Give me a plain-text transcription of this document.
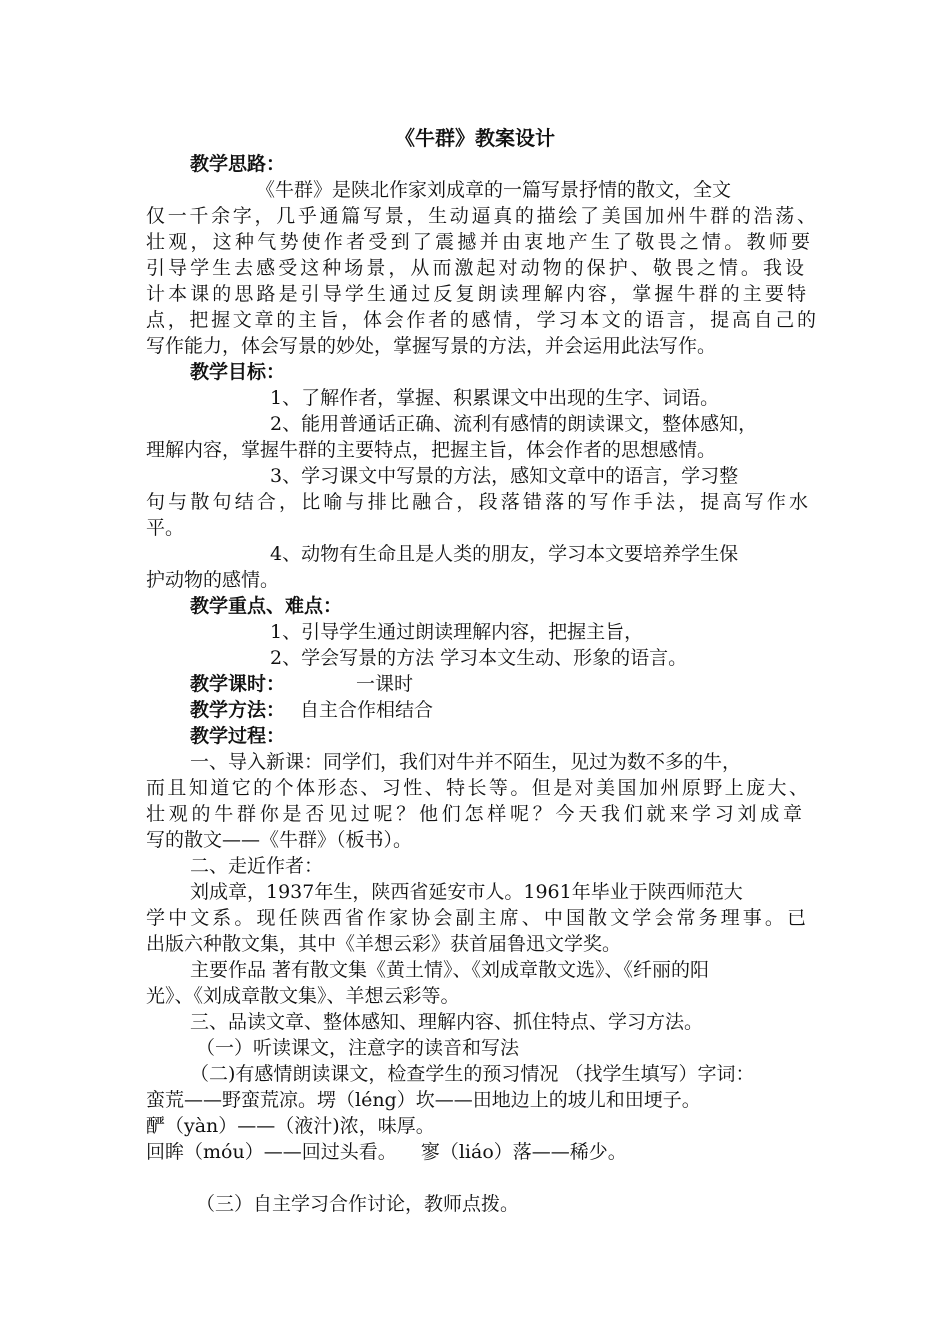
《牛群》教案设计
教学思路：
《牛群》是陕北作家刘成章的一篇写景抒情的散文，全文
仅一千余字，几乎通篇写景，生动逼真的描绘了美国加州牛群的浩荡、
壮观，这种气势使作者受到了震撼并由衷地产生了敬畏之情。教师要
引导学生去感受这种场景，从而激起对动物的保护、敬畏之情。我设
计本课的思路是引导学生通过反复朗读理解内容，掌握牛群的主要特
点，把握文章的主旨，体会作者的感情，学习本文的语言，提高自己的
写作能力，体会写景的妙处，掌握写景的方法，并会运用此法写作。
教学目标：
1、了解作者，掌握、积累课文中出现的生字、词语。
2、能用普通话正确、流利有感情的朗读课文，整体感知，
理解内容，掌握牛群的主要特点，把握主旨，体会作者的思想感情。
3、学习课文中写景的方法，感知文章中的语言，学习整
句与散句结合，比喻与排比融合，段落错落的写作手法，提高写作水
平。
4、动物有生命且是人类的朋友，学习本文要培养学生保
护动物的感情。
教学重点、难点：
1、引导学生通过朗读理解内容，把握主旨，
2、学会写景的方法 学习本文生动、形象的语言。
教学课时：	一课时
教学方法： 自主合作相结合
教学过程：
一、导入新课：同学们，我们对牛并不陌生，见过为数不多的牛，
而且知道它的个体形态、习性、特长等。但是对美国加州原野上庞大、
壮观的牛群你是否见过呢？他们怎样呢？今天我们就来学习刘成章
写的散文——《牛群》（板书）。
二、走近作者：
刘成章，1937年生，陕西省延安市人。1961年毕业于陕西师范大
学中文系。现任陕西省作家协会副主席、中国散文学会常务理事。已
出版六种散文集，其中《羊想云彩》获首届鲁迅文学奖。
主要作品 著有散文集《黄土情》、《刘成章散文选》、《纤丽的阳
光》、《刘成章散文集》、羊想云彩等。
三、品读文章、整体感知、理解内容、抓住特点、学习方法。
（一）听读课文，注意字的读音和写法
（二)有感情朗读课文，检查学生的预习情况 （找学生填写）字词：
蛮荒——野蛮荒凉。塄（léng）坎——田地边上的坡儿和田埂子。
酽（yàn）——（液汁)浓，味厚。
回眸（móu）——回过头看。    寥（liáo）落——稀少。
（三）自主学习合作讨论，教师点拨。
